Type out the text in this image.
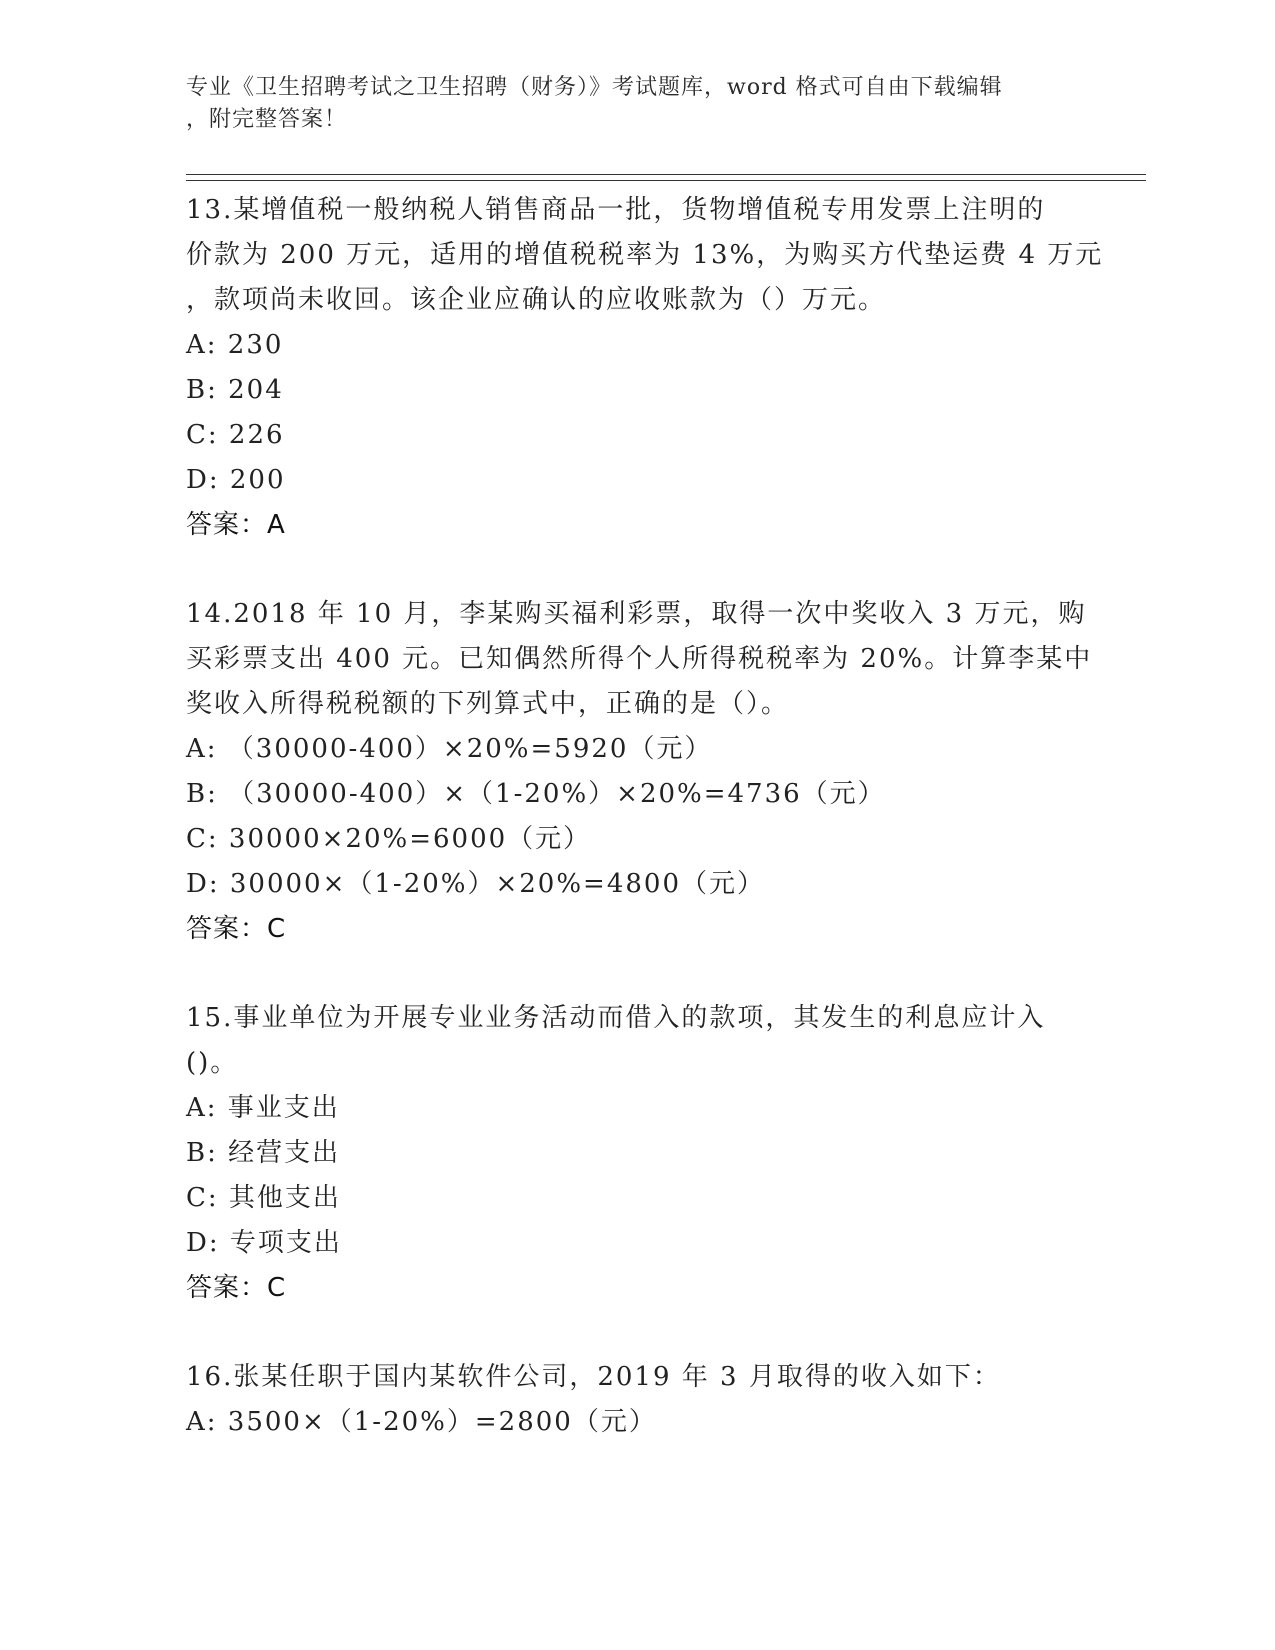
专业《卫生招聘考试之卫生招聘（财务）》考试题库，word 格式可自由下载编辑
，附完整答案！
13.某增值税一般纳税人销售商品一批，货物增值税专用发票上注明的
价款为 200 万元，适用的增值税税率为 13%，为购买方代垫运费 4 万元
，款项尚未收回。该企业应确认的应收账款为（）万元。
A: 230
B: 204
C: 226
D: 200
答案：A
14.2018 年 10 月，李某购买福利彩票，取得一次中奖收入 3 万元，购
买彩票支出 400 元。已知偶然所得个人所得税税率为 20%。计算李某中
奖收入所得税税额的下列算式中，正确的是（）。
A: （30000-400）×20%=5920（元）
B: （30000-400）×（1-20%）×20%=4736（元）
C: 30000×20%=6000（元）
D: 30000×（1-20%）×20%=4800（元）
答案：C
15.事业单位为开展专业业务活动而借入的款项，其发生的利息应计入
()。
A: 事业支出
B: 经营支出
C: 其他支出
D: 专项支出
答案：C
16.张某任职于国内某软件公司，2019 年 3 月取得的收入如下：
A: 3500×（1-20%）=2800（元）
